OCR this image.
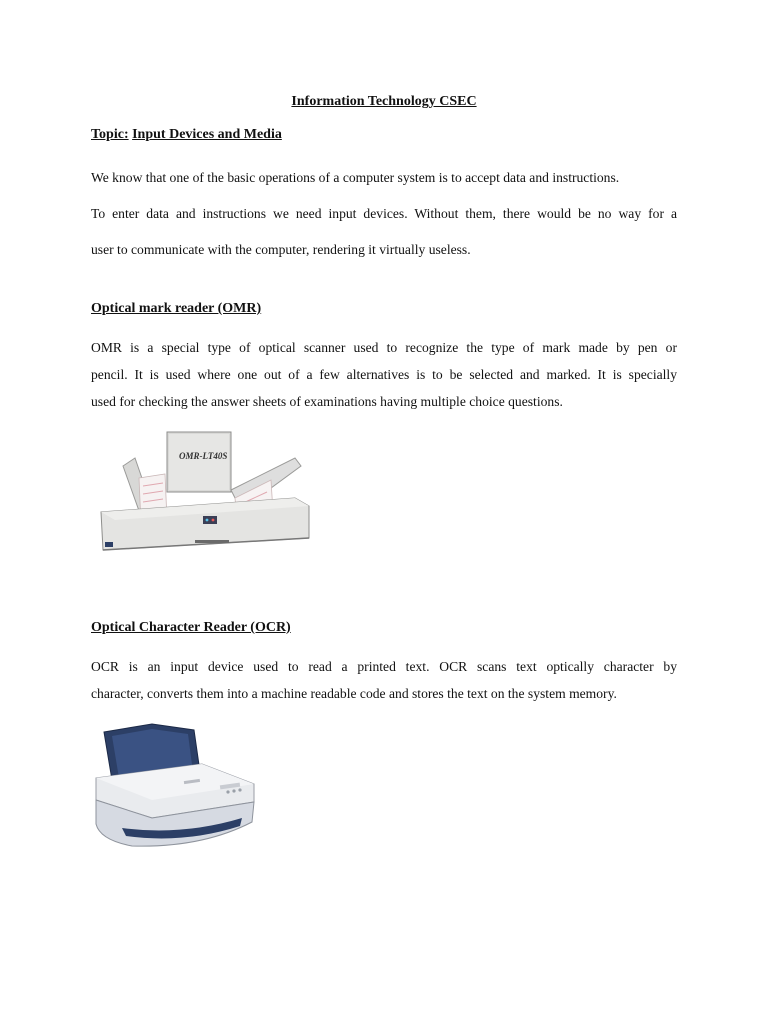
Information Technology CSEC
Topic: Input Devices and Media
We know that one of the basic operations of a computer system is to accept data and instructions.
To enter data and instructions we need input devices. Without them, there would be no way for a
user to communicate with the computer, rendering it virtually useless.
Optical mark reader (OMR)
OMR is a special type of optical scanner used to recognize the type of mark made by pen or
pencil. It is used where one out of a few alternatives is to be selected and marked. It is specially
used for checking the answer sheets of examinations having multiple choice questions.
OMR-LT40S
Optical Character Reader (OCR)
OCR is an input device used to read a printed text. OCR scans text optically character by
character, converts them into a machine readable code and stores the text on the system memory.
